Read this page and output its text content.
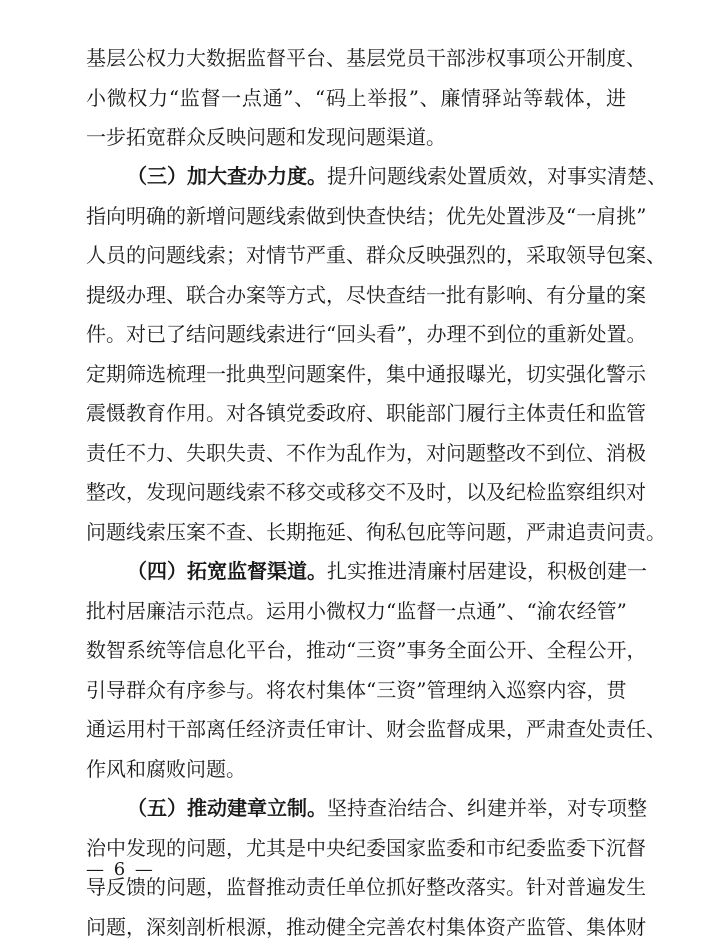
基层公权力大数据监督平台、基层党员干部涉权事项公开制度、
小微权力“监督一点通”、“码上举报”、廉情驿站等载体，进
一步拓宽群众反映问题和发现问题渠道。
（三）加大查办力度。提升问题线索处置质效，对事实清楚、
指向明确的新增问题线索做到快查快结；优先处置涉及“一肩挑”
人员的问题线索；对情节严重、群众反映强烈的，采取领导包案、
提级办理、联合办案等方式，尽快查结一批有影响、有分量的案
件。对已了结问题线索进行“回头看”，办理不到位的重新处置。
定期筛选梳理一批典型问题案件，集中通报曝光，切实强化警示
震慑教育作用。对各镇党委政府、职能部门履行主体责任和监管
责任不力、失职失责、不作为乱作为，对问题整改不到位、消极
整改，发现问题线索不移交或移交不及时，以及纪检监察组织对
问题线索压案不查、长期拖延、徇私包庇等问题，严肃追责问责。
（四）拓宽监督渠道。扎实推进清廉村居建设，积极创建一
批村居廉洁示范点。运用小微权力“监督一点通”、“渝农经管”
数智系统等信息化平台，推动“三资”事务全面公开、全程公开，
引导群众有序参与。将农村集体“三资”管理纳入巡察内容，贯
通运用村干部离任经济责任审计、财会监督成果，严肃查处责任、
作风和腐败问题。
（五）推动建章立制。坚持查治结合、纠建并举，对专项整
治中发现的问题，尤其是中央纪委国家监委和市纪委监委下沉督
导反馈的问题，监督推动责任单位抓好整改落实。针对普遍发生
问题，深刻剖析根源，推动健全完善农村集体资产监管、集体财
— 6 —
